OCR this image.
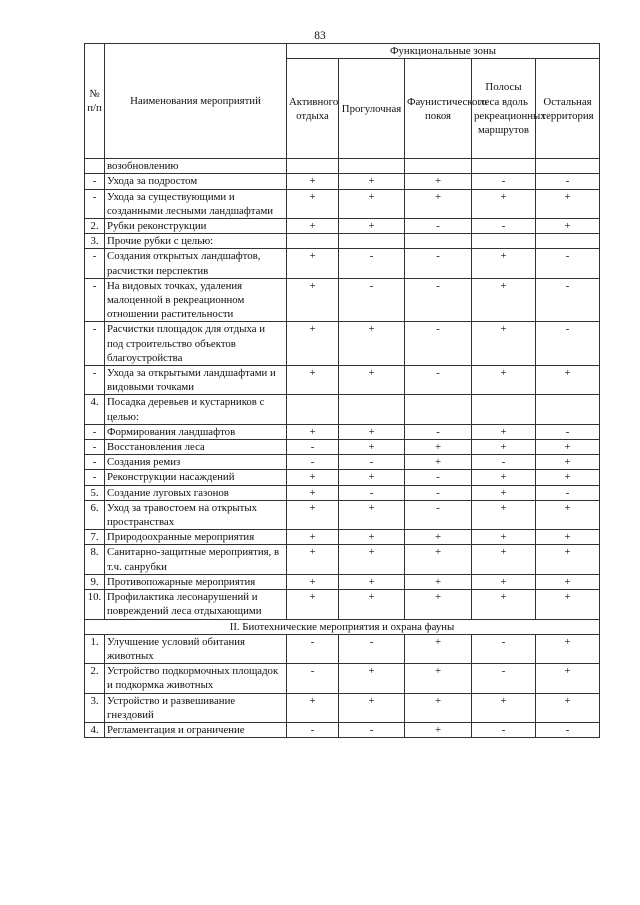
83
№ п/п	Наименования мероприятий	Функциональные зоны				
		Активного отдыха	Прогулочная	Фаунистического покоя	Полосы леса вдоль рекреационных маршрутов	Остальная территория
	возобновлению					
-	Ухода за подростом	+	+	+	-	-
-	Ухода за существующими и созданными лесными ландшафтами	+	+	+	+	+
2.	Рубки реконструкции	+	+	-	-	+
3.	Прочие рубки с целью:					
-	Создания открытых ландшафтов, расчистки перспектив	+	-	-	+	-
-	На видовых точках, удаления малоценной в рекреационном отношении растительности	+	-	-	+	-
-	Расчистки площадок для отдыха и под строительство объектов благоустройства	+	+	-	+	-
-	Ухода за открытыми ландшафтами и видовыми точками	+	+	-	+	+
4.	Посадка деревьев и кустарников с целью:					
-	Формирования ландшафтов	+	+	-	+	-
-	Восстановления леса	-	+	+	+	+
-	Создания ремиз	-	-	+	-	+
-	Реконструкции насаждений	+	+	-	+	+
5.	Создание луговых газонов	+	-	-	+	-
6.	Уход за травостоем на открытых пространствах	+	+	-	+	+
7.	Природоохранные мероприятия	+	+	+	+	+
8.	Санитарно-защитные мероприятия, в т.ч. санрубки	+	+	+	+	+
9.	Противопожарные мероприятия	+	+	+	+	+
10.	Профилактика лесонарушений и повреждений леса отдыхающими	+	+	+	+	+
II. Биотехнические мероприятия и охрана фауны						
1.	Улучшение условий обитания животных	-	-	+	-	+
2.	Устройство подкормочных площадок и подкормка животных	-	+	+	-	+
3.	Устройство и развешивание гнездовий	+	+	+	+	+
4.	Регламентация и ограничение	-	-	+	-	-
